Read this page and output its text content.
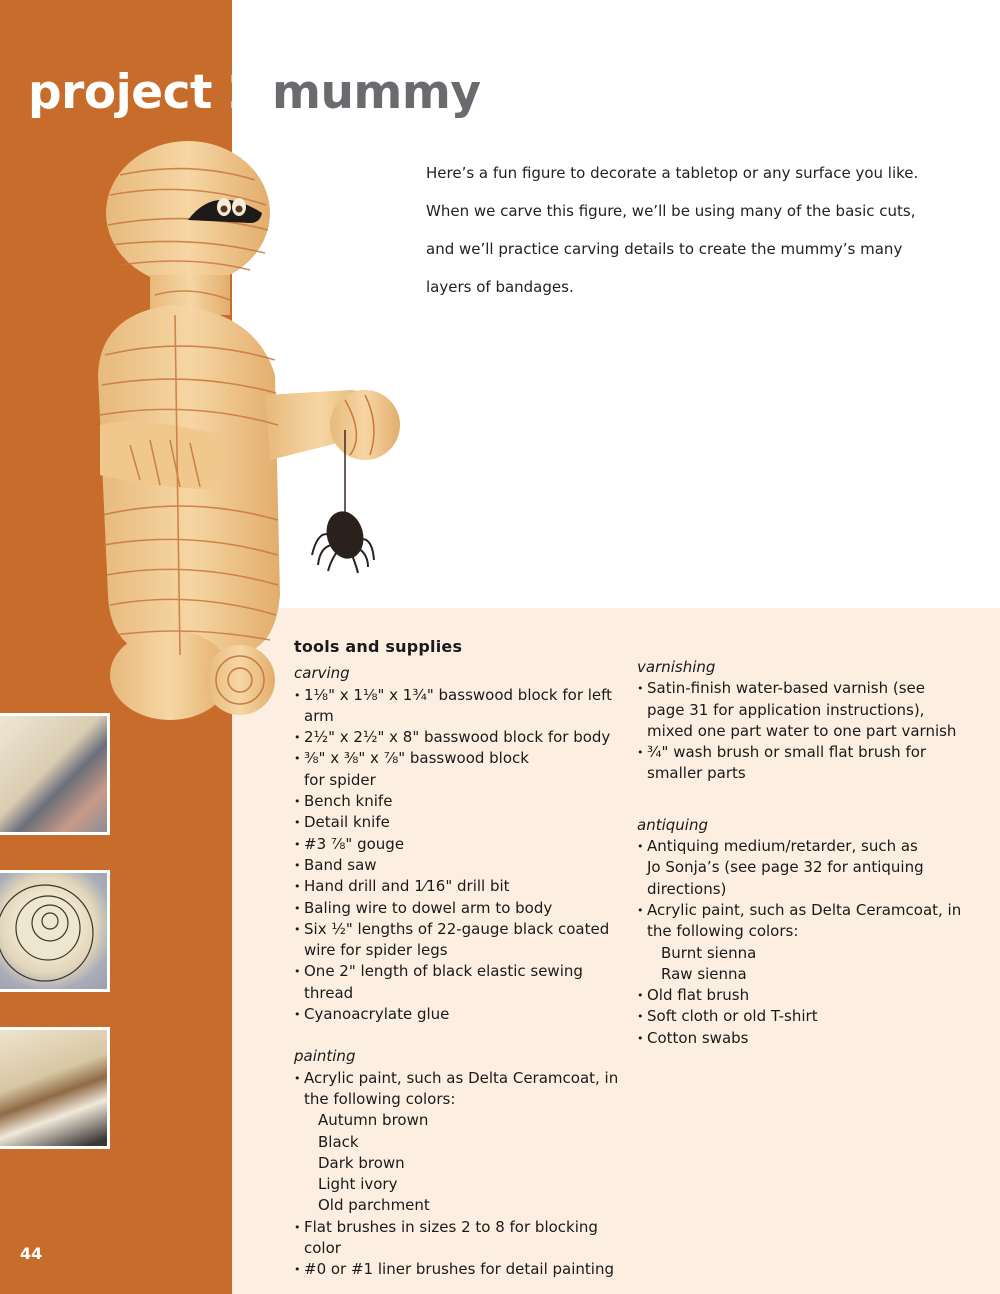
project 2 mummy

Here’s a fun figure to decorate a tabletop or any surface you like.

When we carve this figure, we’ll be using many of the basic cuts,

and we’ll practice carving details to create the mummy’s many

layers of bandages.

44
tools and supplies
carving
• 1⅛" x 1⅛" x 1¾" basswood block for left arm
• 2½" x 2½" x 8" basswood block for body
• ⅜" x ⅜" x ⅞" basswood block for spider
• Bench knife
• Detail knife
• #3 ⅞" gouge
• Band saw
• Hand drill and 1⁄16" drill bit
• Baling wire to dowel arm to body
• Six ½" lengths of 22-gauge black coated wire for spider legs
• One 2" length of black elastic sewing thread
• Cyanoacrylate glue
painting
• Acrylic paint, such as Delta Ceramcoat, in the following colors:
Autumn brown
Black
Dark brown
Light ivory
Old parchment
• Flat brushes in sizes 2 to 8 for blocking color
• #0 or #1 liner brushes for detail painting
varnishing
• Satin-finish water-based varnish (see page 31 for application instructions), mixed one part water to one part varnish
• ¾" wash brush or small flat brush for smaller parts
antiquing
• Antiquing medium/retarder, such as Jo Sonja’s (see page 32 for antiquing directions)
• Acrylic paint, such as Delta Ceramcoat, in the following colors:
Burnt sienna
Raw sienna
• Old flat brush
• Soft cloth or old T-shirt
• Cotton swabs
